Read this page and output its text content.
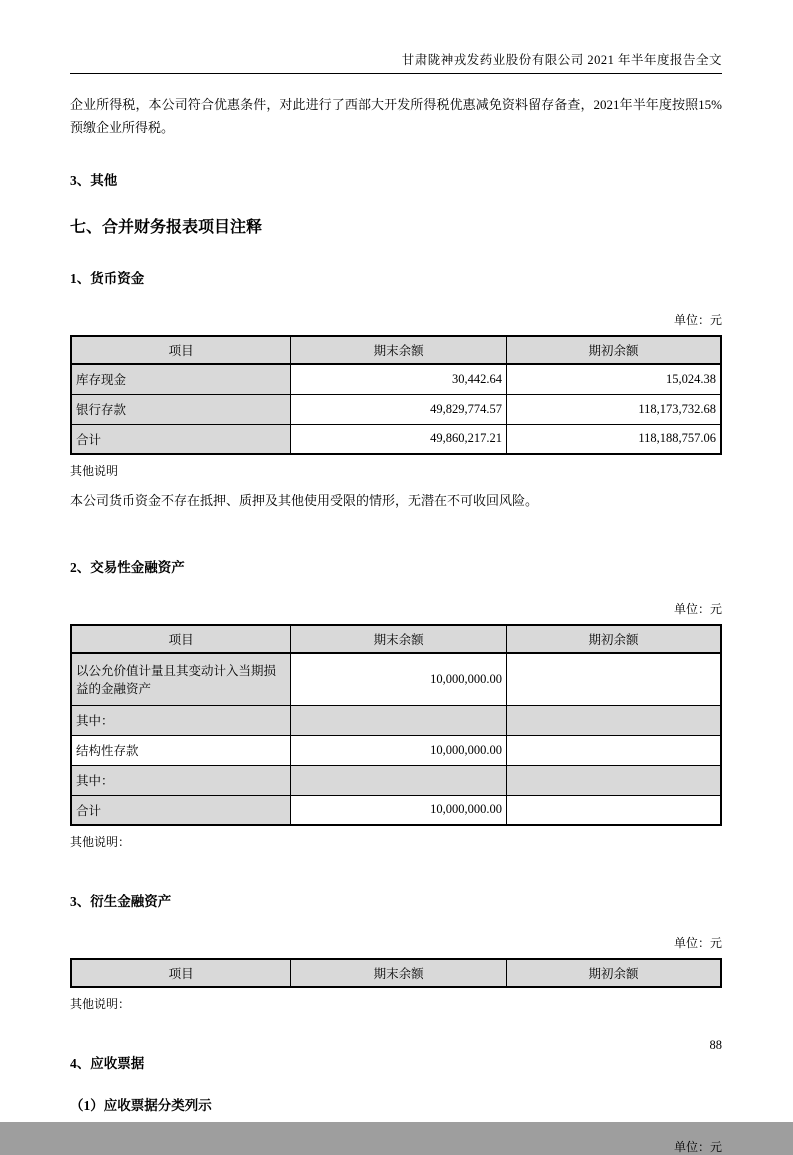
甘肃陇神戎发药业股份有限公司 2021 年半年度报告全文

企业所得税，本公司符合优惠条件，对此进行了西部大开发所得税优惠减免资料留存备查，2021年半年度按照15%预缴企业所得税。

3、其他
七、合并财务报表项目注释
1、货币资金
单位：元
项目	期末余额	期初余额
库存现金	30,442.64	15,024.38
银行存款	49,829,774.57	118,173,732.68
合计	49,860,217.21	118,188,757.06
其他说明

本公司货币资金不存在抵押、质押及其他使用受限的情形，无潜在不可收回风险。

2、交易性金融资产
单位：元
项目	期末余额	期初余额
以公允价值计量且其变动计入当期损益的金融资产	10,000,000.00	
其中：		
结构性存款	10,000,000.00	
其中：		
合计	10,000,000.00	
其他说明：
3、衍生金融资产
单位：元
项目	期末余额	期初余额
其他说明：
4、应收票据
（1）应收票据分类列示
单位：元
88
